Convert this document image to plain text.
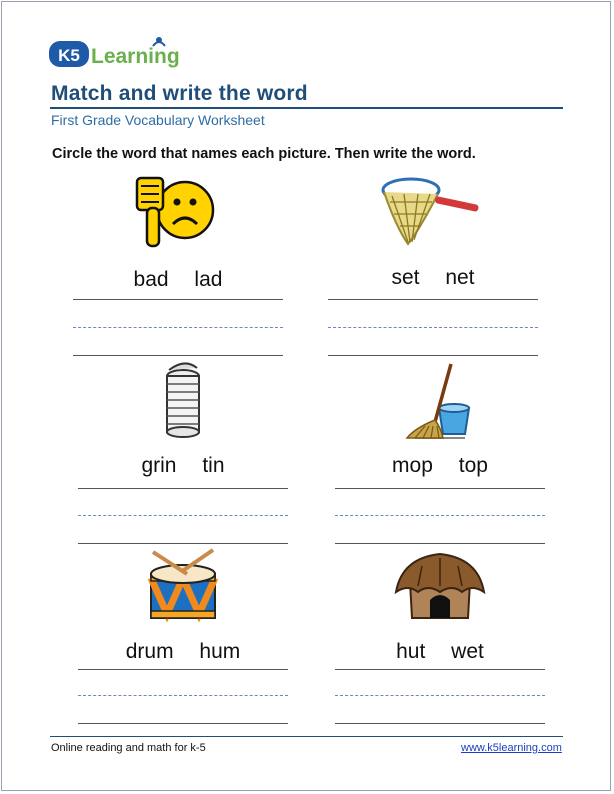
K5 Learning
Match and write the word
First Grade Vocabulary Worksheet
Circle the word that names each picture. Then write the word.
bad lad	set net
grin tin	mop top
drum hum	hut wet
Online reading and math for k-5	www.k5learning.com
